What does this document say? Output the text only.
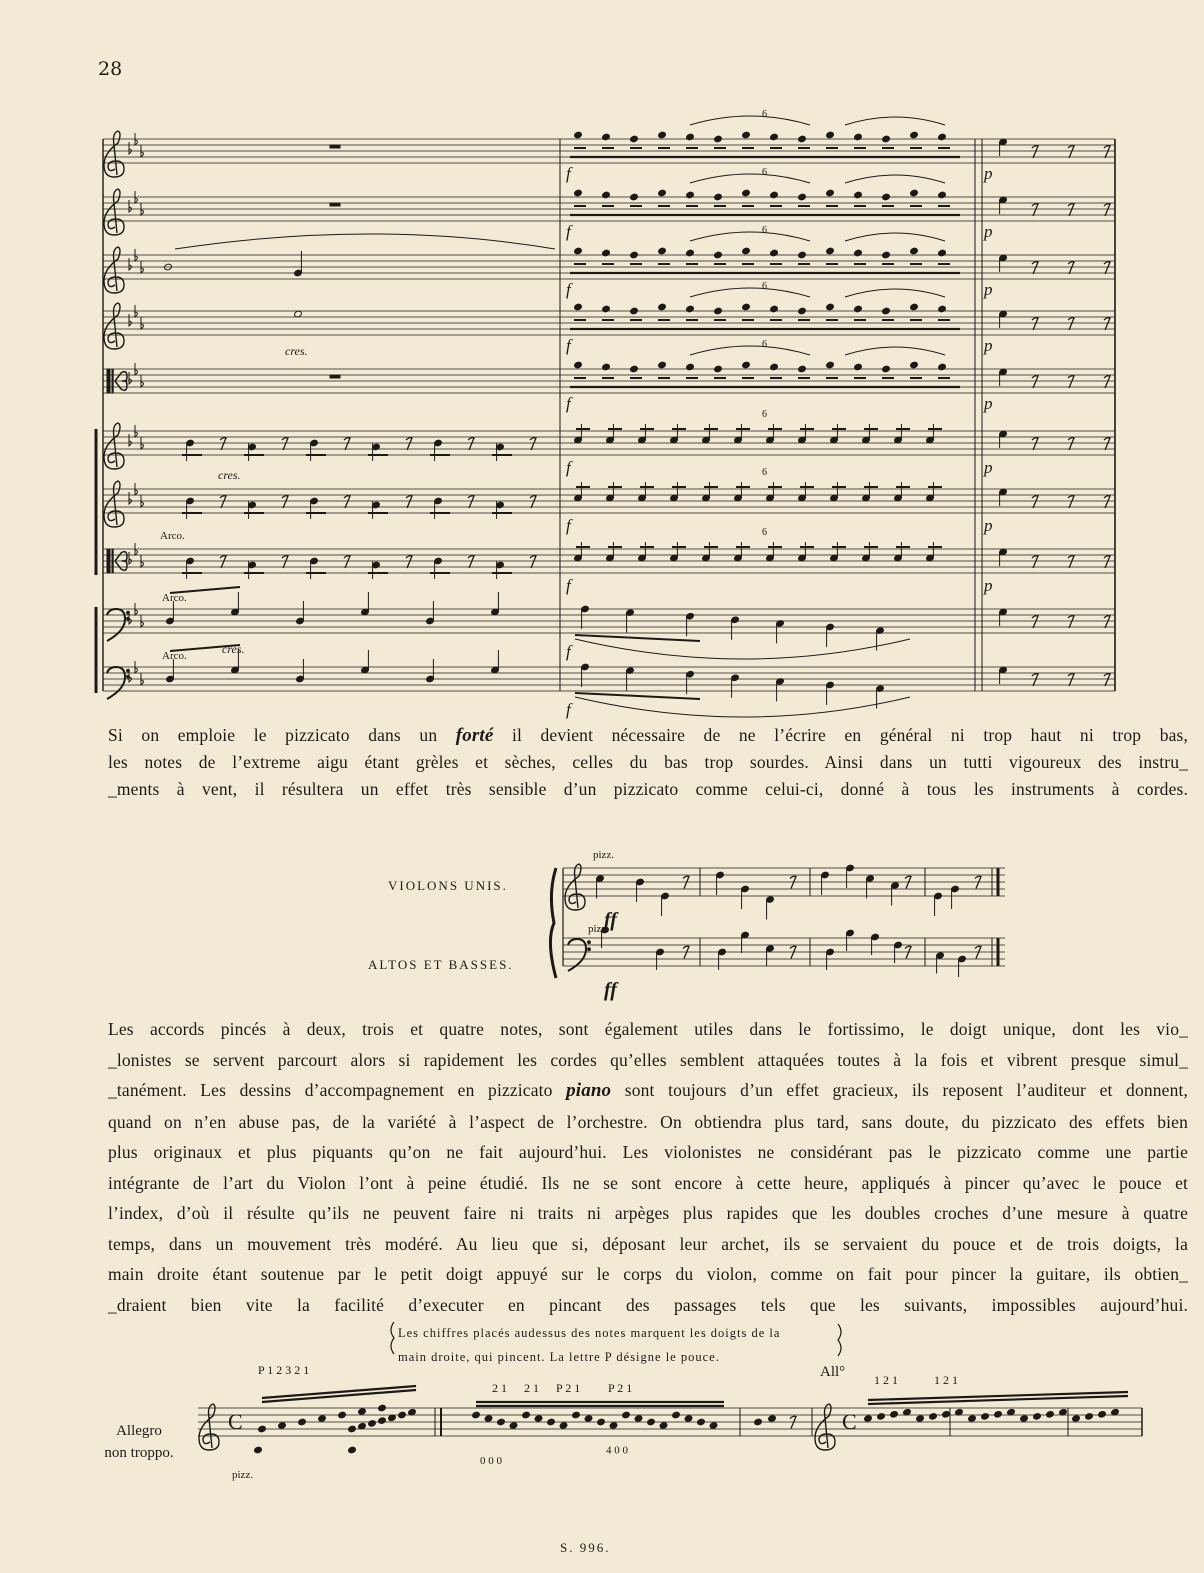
28
f	p
6
f	p
6
f	p
6
f	p
6
f	p
6
cres.
f	p
6
f	p
6
f	p
6
cres.
Arco.
f
Arco.
f
Arco.	cres.
Si on emploie le pizzicato dans un forté il devient nécessaire de ne l’écrire en général ni trop haut ni trop bas,
les notes de l’extreme aigu étant grèles et sèches, celles du bas trop sourdes. Ainsi dans un tutti vigoureux des instru_
_ments à vent, il résultera un effet très sensible d’un pizzicato comme celui-ci, donné à tous les instruments à cordes.
VIOLONS UNIS.
ALTOS ET BASSES.
pizz.
pizz.
ff
ff
Les accords pincés à deux, trois et quatre notes, sont également utiles dans le fortissimo, le doigt unique, dont les vio_
_lonistes se servent parcourt alors si rapidement les cordes qu’elles semblent attaquées toutes à la fois et vibrent presque simul_
_tanément. Les dessins d’accompagnement en pizzicato piano sont toujours d’un effet gracieux, ils reposent l’auditeur et donnent,
quand on n’en abuse pas, de la variété à l’aspect de l’orchestre. On obtiendra plus tard, sans doute, du pizzicato des effets bien
plus originaux et plus piquants qu’on ne fait aujourd’hui. Les violonistes ne considérant pas le pizzicato comme une partie
intégrante de l’art du Violon l’ont à peine étudié. Ils ne se sont encore à cette heure, appliqués à pincer qu’avec le pouce et
l’index, d’où il résulte qu’ils ne peuvent faire ni traits ni arpèges plus rapides que les doubles croches d’une mesure à quatre
temps, dans un mouvement très modéré. Au lieu que si, déposant leur archet, ils se servaient du pouce et de trois doigts, la
main droite étant soutenue par le petit doigt appuyé sur le corps du violon, comme on fait pour pincer la guitare, ils obtien_
_draient bien vite la facilité d’executer en pincant des passages tels que les suivants, impossibles aujourd’hui.
Les chiffres placés audessus des notes marquent les doigts de la
main droite, qui pincent. La lettre P désigne le pouce.
Allegro
non troppo.
C	C
P 1 2 3 2 1
2 1 2 1 P 2 1 P 2 1
1 2 1	1 2 1
0 0 0
4 0 0
pizz.
All°
S. 996.
